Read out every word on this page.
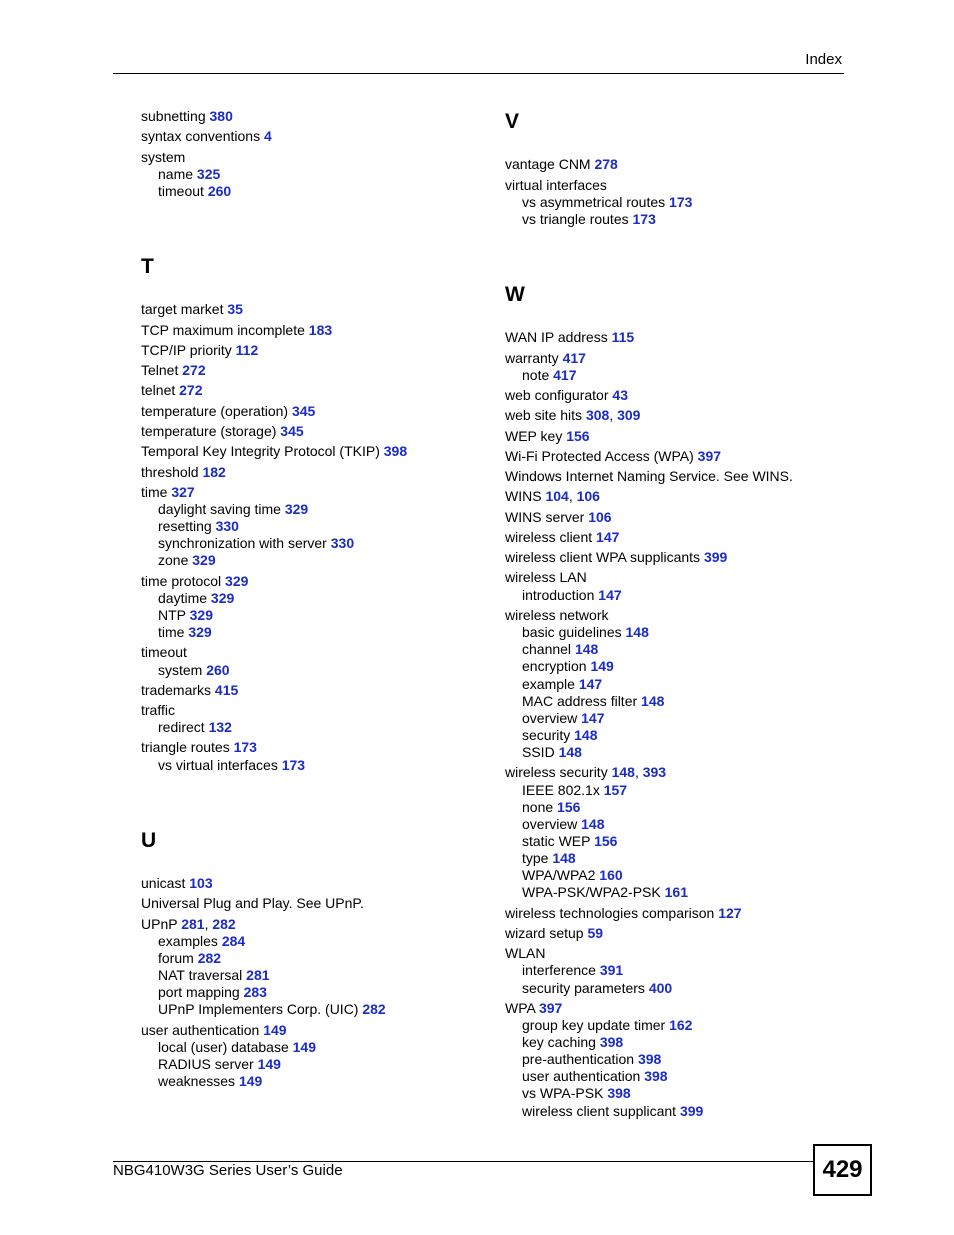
Index
subnetting 380
syntax conventions 4
system
name 325
timeout 260
T
target market 35
TCP maximum incomplete 183
TCP/IP priority 112
Telnet 272
telnet 272
temperature (operation) 345
temperature (storage) 345
Temporal Key Integrity Protocol (TKIP) 398
threshold 182
time 327
daylight saving time 329
resetting 330
synchronization with server 330
zone 329
time protocol 329
daytime 329
NTP 329
time 329
timeout
system 260
trademarks 415
traffic
redirect 132
triangle routes 173
vs virtual interfaces 173
U
unicast 103
Universal Plug and Play. See UPnP.
UPnP 281, 282
examples 284
forum 282
NAT traversal 281
port mapping 283
UPnP Implementers Corp. (UIC) 282
user authentication 149
local (user) database 149
RADIUS server 149
weaknesses 149
V
vantage CNM 278
virtual interfaces
vs asymmetrical routes 173
vs triangle routes 173
W
WAN IP address 115
warranty 417
note 417
web configurator 43
web site hits 308, 309
WEP key 156
Wi-Fi Protected Access (WPA) 397
Windows Internet Naming Service. See WINS.
WINS 104, 106
WINS server 106
wireless client 147
wireless client WPA supplicants 399
wireless LAN
introduction 147
wireless network
basic guidelines 148
channel 148
encryption 149
example 147
MAC address filter 148
overview 147
security 148
SSID 148
wireless security 148, 393
IEEE 802.1x 157
none 156
overview 148
static WEP 156
type 148
WPA/WPA2 160
WPA-PSK/WPA2-PSK 161
wireless technologies comparison 127
wizard setup 59
WLAN
interference 391
security parameters 400
WPA 397
group key update timer 162
key caching 398
pre-authentication 398
user authentication 398
vs WPA-PSK 398
wireless client supplicant 399
NBG410W3G Series User’s Guide	429
